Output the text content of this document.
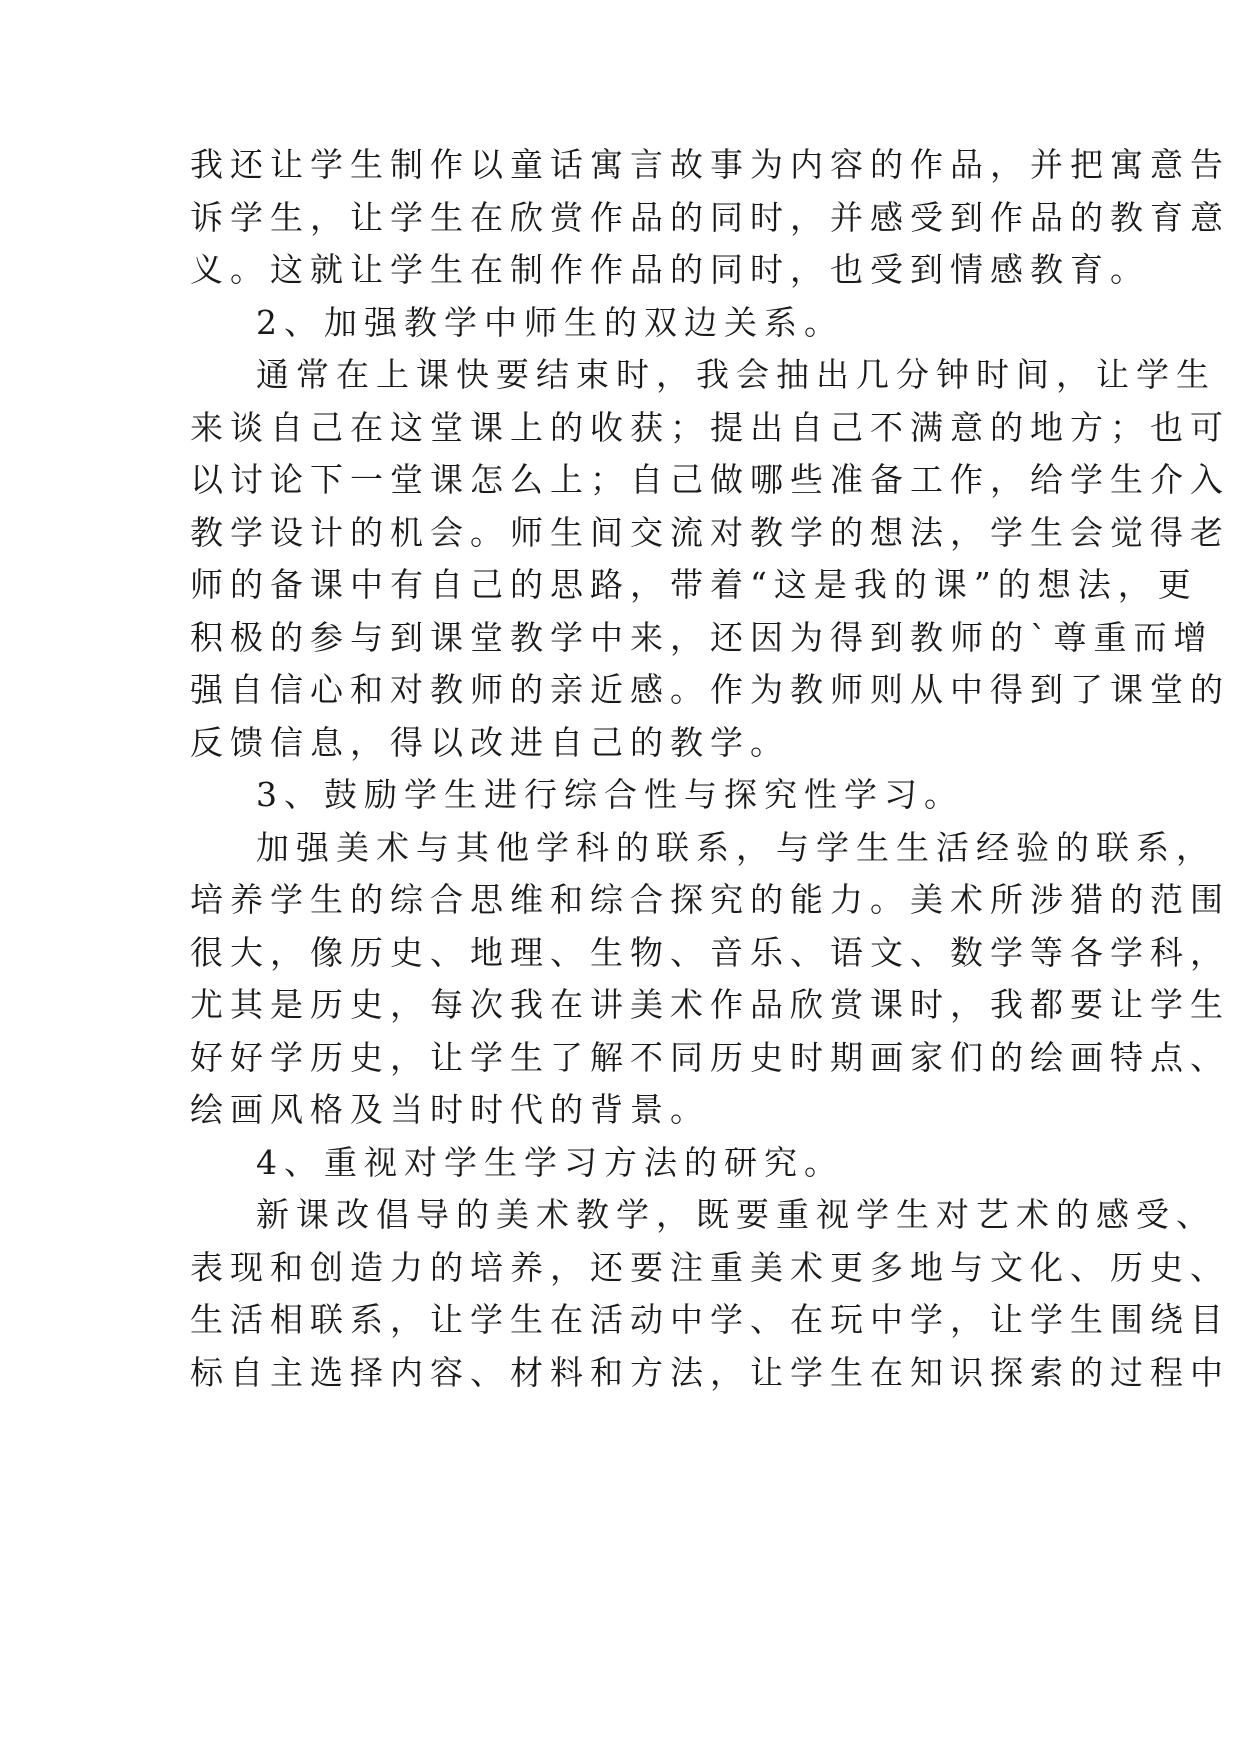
我还让学生制作以童话寓言故事为内容的作品，并把寓意告
诉学生，让学生在欣赏作品的同时，并感受到作品的教育意
义。这就让学生在制作作品的同时，也受到情感教育。
2、加强教学中师生的双边关系。
通常在上课快要结束时，我会抽出几分钟时间，让学生
来谈自己在这堂课上的收获；提出自己不满意的地方；也可
以讨论下一堂课怎么上；自己做哪些准备工作，给学生介入
教学设计的机会。师生间交流对教学的想法，学生会觉得老
师的备课中有自己的思路，带着“这是我的课”的想法，更
积极的参与到课堂教学中来，还因为得到教师的`尊重而增
强自信心和对教师的亲近感。作为教师则从中得到了课堂的
反馈信息，得以改进自己的教学。
3、鼓励学生进行综合性与探究性学习。
加强美术与其他学科的联系，与学生生活经验的联系，
培养学生的综合思维和综合探究的能力。美术所涉猎的范围
很大，像历史、地理、生物、音乐、语文、数学等各学科，
尤其是历史，每次我在讲美术作品欣赏课时，我都要让学生
好好学历史，让学生了解不同历史时期画家们的绘画特点、
绘画风格及当时时代的背景。
4、重视对学生学习方法的研究。
新课改倡导的美术教学，既要重视学生对艺术的感受、
表现和创造力的培养，还要注重美术更多地与文化、历史、
生活相联系，让学生在活动中学、在玩中学，让学生围绕目
标自主选择内容、材料和方法，让学生在知识探索的过程中
